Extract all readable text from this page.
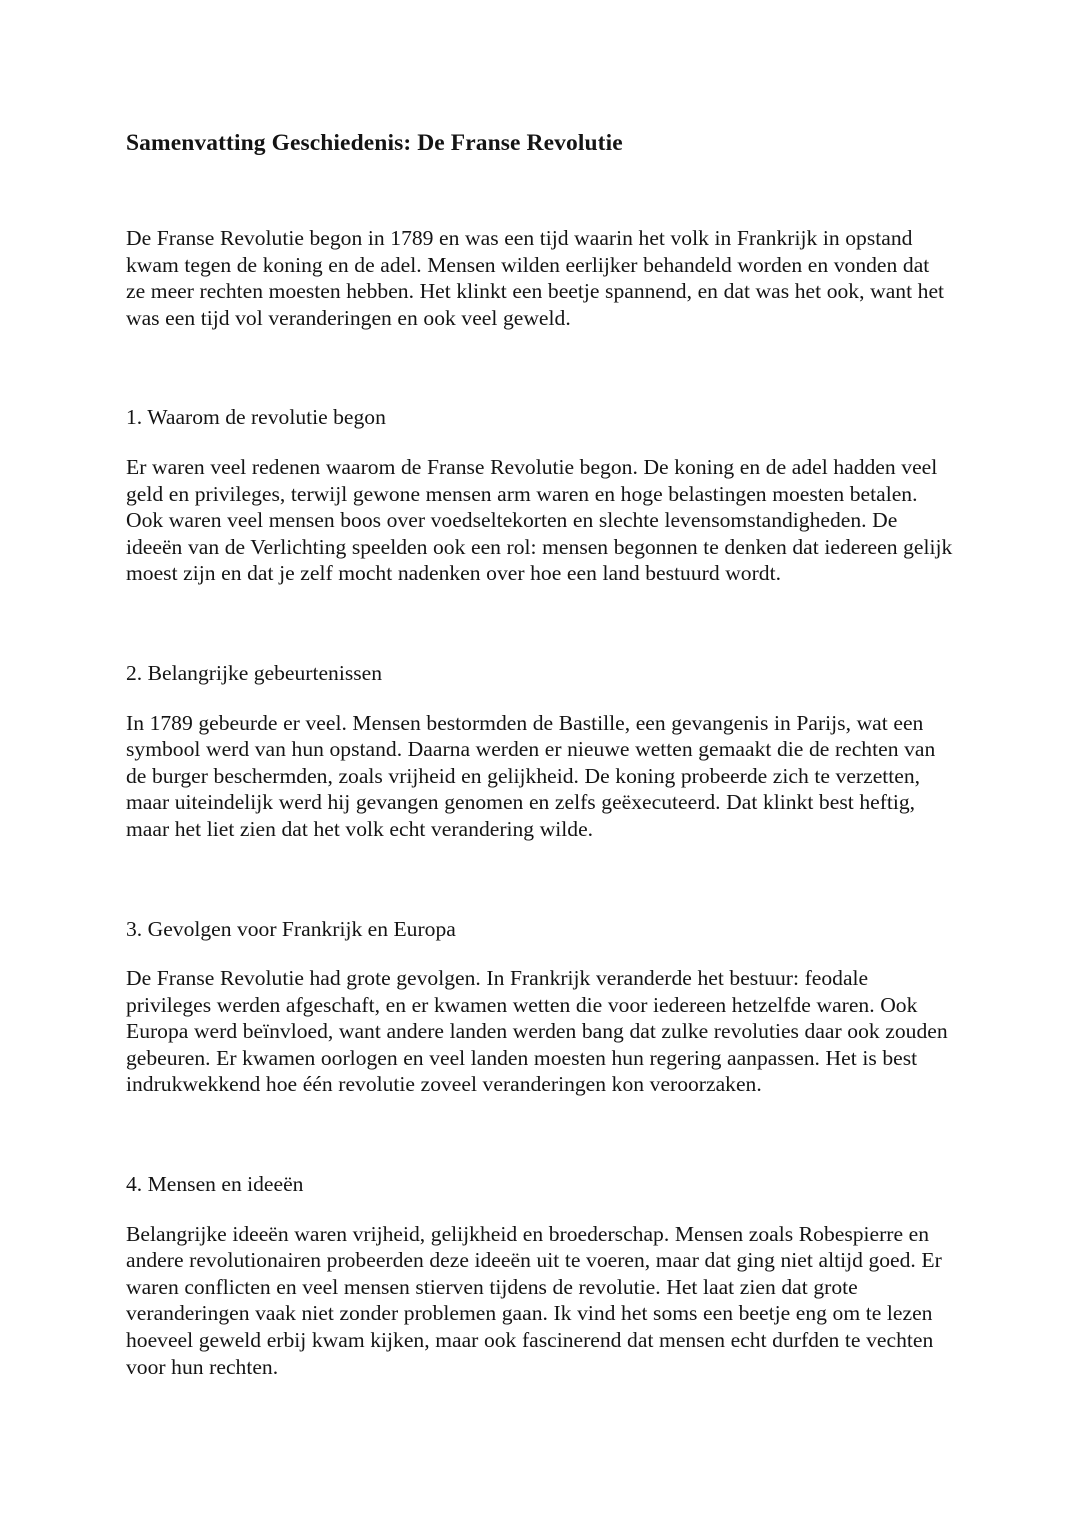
Samenvatting Geschiedenis: De Franse Revolutie

De Franse Revolutie begon in 1789 en was een tijd waarin het volk in Frankrijk in opstand kwam tegen de koning en de adel. Mensen wilden eerlijker behandeld worden en vonden dat ze meer rechten moesten hebben. Het klinkt een beetje spannend, en dat was het ook, want het was een tijd vol veranderingen en ook veel geweld.

1. Waarom de revolutie begon

Er waren veel redenen waarom de Franse Revolutie begon. De koning en de adel hadden veel geld en privileges, terwijl gewone mensen arm waren en hoge belastingen moesten betalen. Ook waren veel mensen boos over voedseltekorten en slechte levensomstandigheden. De ideeën van de Verlichting speelden ook een rol: mensen begonnen te denken dat iedereen gelijk moest zijn en dat je zelf mocht nadenken over hoe een land bestuurd wordt.

2. Belangrijke gebeurtenissen

In 1789 gebeurde er veel. Mensen bestormden de Bastille, een gevangenis in Parijs, wat een symbool werd van hun opstand. Daarna werden er nieuwe wetten gemaakt die de rechten van de burger beschermden, zoals vrijheid en gelijkheid. De koning probeerde zich te verzetten, maar uiteindelijk werd hij gevangen genomen en zelfs geëxecuteerd. Dat klinkt best heftig, maar het liet zien dat het volk echt verandering wilde.

3. Gevolgen voor Frankrijk en Europa

De Franse Revolutie had grote gevolgen. In Frankrijk veranderde het bestuur: feodale privileges werden afgeschaft, en er kwamen wetten die voor iedereen hetzelfde waren. Ook Europa werd beïnvloed, want andere landen werden bang dat zulke revoluties daar ook zouden gebeuren. Er kwamen oorlogen en veel landen moesten hun regering aanpassen. Het is best indrukwekkend hoe één revolutie zoveel veranderingen kon veroorzaken.

4. Mensen en ideeën

Belangrijke ideeën waren vrijheid, gelijkheid en broederschap. Mensen zoals Robespierre en andere revolutionairen probeerden deze ideeën uit te voeren, maar dat ging niet altijd goed. Er waren conflicten en veel mensen stierven tijdens de revolutie. Het laat zien dat grote veranderingen vaak niet zonder problemen gaan. Ik vind het soms een beetje eng om te lezen hoeveel geweld erbij kwam kijken, maar ook fascinerend dat mensen echt durfden te vechten voor hun rechten.
